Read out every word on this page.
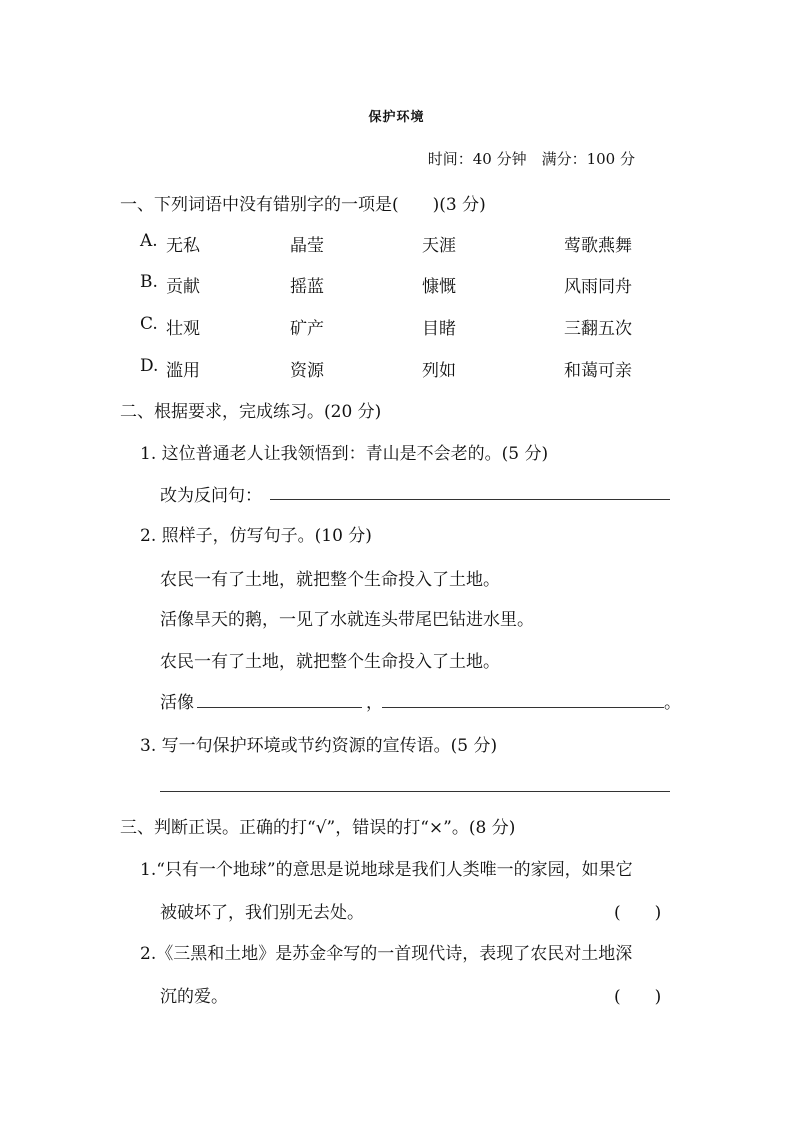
保护环境
时间：40 分钟　满分：100 分
一、下列词语中没有错别字的一项是(　　)(3 分)
A. 无私	晶莹	天涯	莺歌燕舞
B. 贡献	摇蓝	慷慨	风雨同舟
C. 壮观	矿产	目睹	三翻五次
D. 滥用	资源	列如	和蔼可亲
二、根据要求，完成练习。(20 分)
1. 这位普通老人让我领悟到：青山是不会老的。(5 分)
改为反问句：
2. 照样子，仿写句子。(10 分)
农民一有了土地，就把整个生命投入了土地。
活像旱天的鹅，一见了水就连头带尾巴钻进水里。
农民一有了土地，就把整个生命投入了土地。
活像	，	。
3. 写一句保护环境或节约资源的宣传语。(5 分)
三、判断正误。正确的打“√”，错误的打“×”。(8 分)
1.“只有一个地球”的意思是说地球是我们人类唯一的家园，如果它
被破坏了，我们别无去处。	(　　)
2.《三黑和土地》是苏金伞写的一首现代诗，表现了农民对土地深
沉的爱。	(　　)
